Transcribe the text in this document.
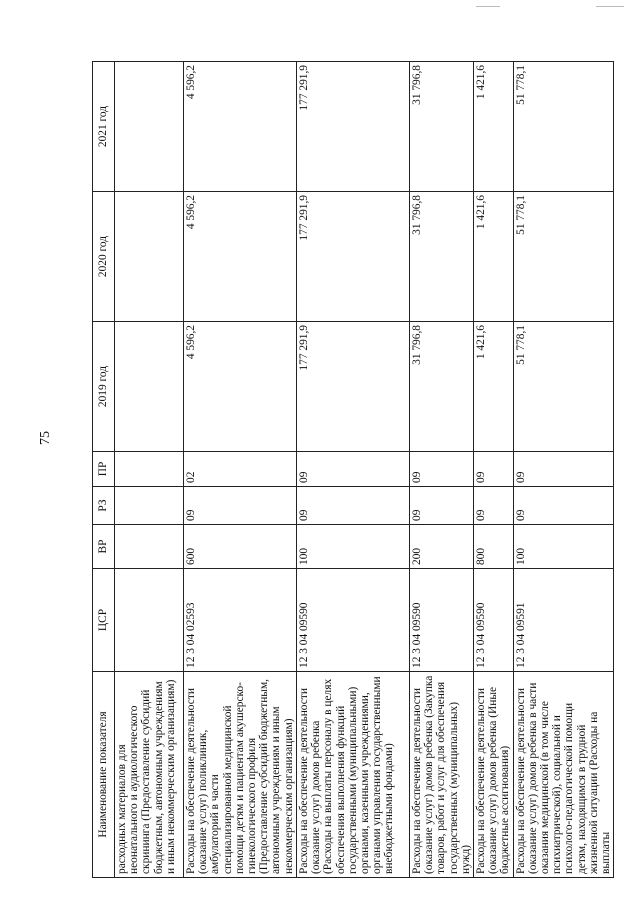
75
Наименование показателя	ЦСР	ВР	РЗ	ПР	2019 год	2020 год	2021 год
расходных материалов для неонатального и аудиологического скрининга (Предоставление субсидий бюджетным, автономным учреждениям и иным некоммерческим организациям)							
Расходы на обеспечение деятельности (оказание услуг) поликлиник, амбулаторий в части специализированной медицинской помощи детям и пациентам акушерско-гинекологического профиля (Предоставление субсидий бюджетным, автономным учреждениям и иным некоммерческим организациям)	12 3 04 02593	600	09	02	4 596,2	4 596,2	4 596,2
Расходы на обеспечение деятельности (оказание услуг) домов ребенка (Расходы на выплаты персоналу в целях обеспечения выполнения функций государственными (муниципальными) органами, казенными учреждениями, органами управления государственными внебюджетными фондами)	12 3 04 09590	100	09	09	177 291,9	177 291,9	177 291,9
Расходы на обеспечение деятельности (оказание услуг) домов ребенка (Закупка товаров, работ и услуг для обеспечения государственных (муниципальных) нужд)	12 3 04 09590	200	09	09	31 796,8	31 796,8	31 796,8
Расходы на обеспечение деятельности (оказание услуг) домов ребенка (Иные бюджетные ассигнования)	12 3 04 09590	800	09	09	1 421,6	1 421,6	1 421,6
Расходы на обеспечение деятельности (оказание услуг) домов ребенка в части оказания медицинской (в том числе психиатрической), социальной и психолого-педагогической помощи детям, находящимся в трудной жизненной ситуации (Расходы на выплаты	12 3 04 09591	100	09	09	51 778,1	51 778,1	51 778,1
